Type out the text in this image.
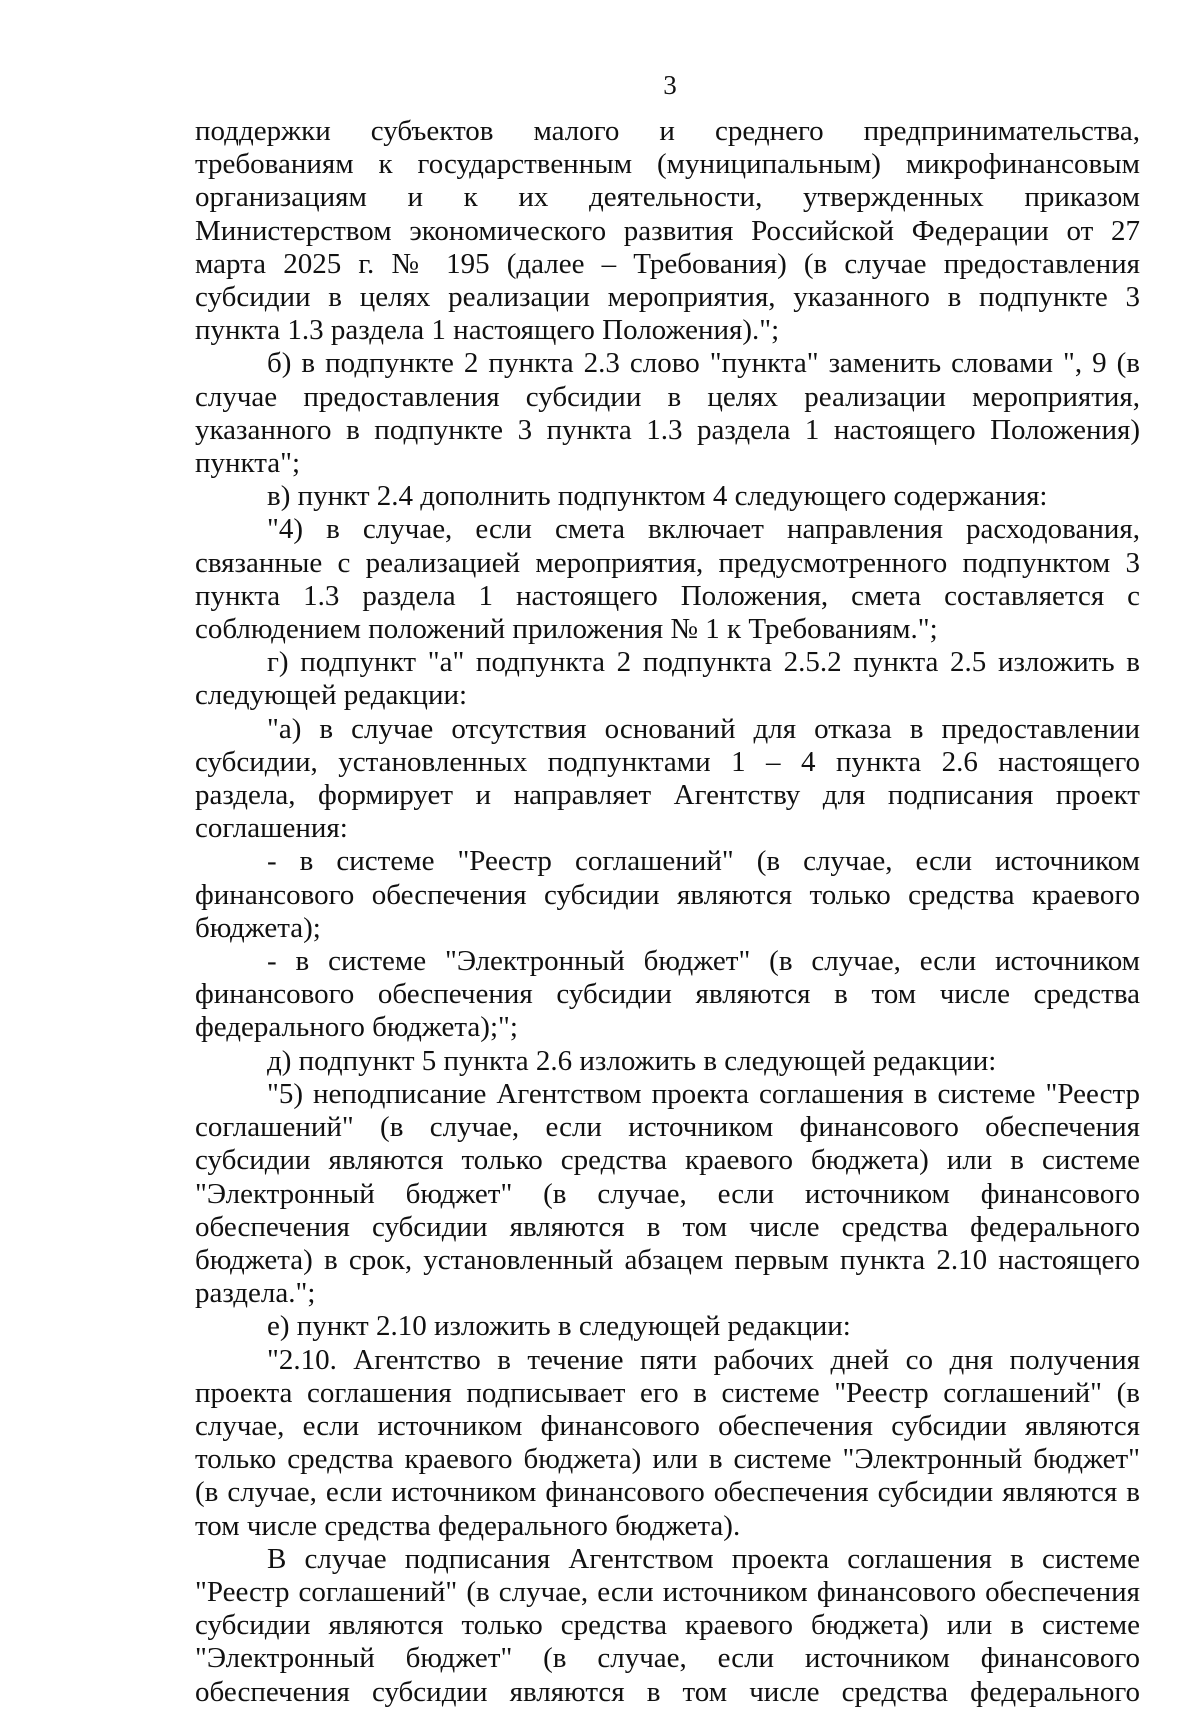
3

поддержки субъектов малого и среднего предпринимательства, требованиям к государственным (муниципальным) микрофинансовым организациям и к их деятельности, утвержденных приказом Министерством экономического развития Российской Федерации от 27 марта 2025 г. № 195 (далее – Требования) (в случае предоставления субсидии в целях реализации мероприятия, указанного в подпункте 3 пункта 1.3 раздела 1 настоящего Положения).";

б) в подпункте 2 пункта 2.3 слово "пункта" заменить словами ", 9 (в случае предоставления субсидии в целях реализации мероприятия, указанного в подпункте 3 пункта 1.3 раздела 1 настоящего Положения) пункта";

в) пункт 2.4 дополнить подпунктом 4 следующего содержания:

"4) в случае, если смета включает направления расходования, связанные с реализацией мероприятия, предусмотренного подпунктом 3 пункта 1.3 раздела 1 настоящего Положения, смета составляется с соблюдением положений приложения № 1 к Требованиям.";

г) подпункт "а" подпункта 2 подпункта 2.5.2 пункта 2.5 изложить в следующей редакции:

"а) в случае отсутствия оснований для отказа в предоставлении субсидии, установленных подпунктами 1 – 4 пункта 2.6 настоящего раздела, формирует и направляет Агентству для подписания проект соглашения:

- в системе "Реестр соглашений" (в случае, если источником финансового обеспечения субсидии являются только средства краевого бюджета);

- в системе "Электронный бюджет" (в случае, если источником финансового обеспечения субсидии являются в том числе средства федерального бюджета);";

д) подпункт 5 пункта 2.6 изложить в следующей редакции:

"5) неподписание Агентством проекта соглашения в системе "Реестр соглашений" (в случае, если источником финансового обеспечения субсидии являются только средства краевого бюджета) или в системе "Электронный бюджет" (в случае, если источником финансового обеспечения субсидии являются в том числе средства федерального бюджета) в срок, установленный абзацем первым пункта 2.10 настоящего раздела.";

е) пункт 2.10 изложить в следующей редакции:

"2.10. Агентство в течение пяти рабочих дней со дня получения проекта соглашения подписывает его в системе "Реестр соглашений" (в случае, если источником финансового обеспечения субсидии являются только средства краевого бюджета) или в системе "Электронный бюджет" (в случае, если источником финансового обеспечения субсидии являются в том числе средства федерального бюджета).

В случае подписания Агентством проекта соглашения в системе "Реестр соглашений" (в случае, если источником финансового обеспечения субсидии являются только средства краевого бюджета) или в системе "Электронный бюджет" (в случае, если источником финансового обеспечения субсидии являются в том числе средства федерального
